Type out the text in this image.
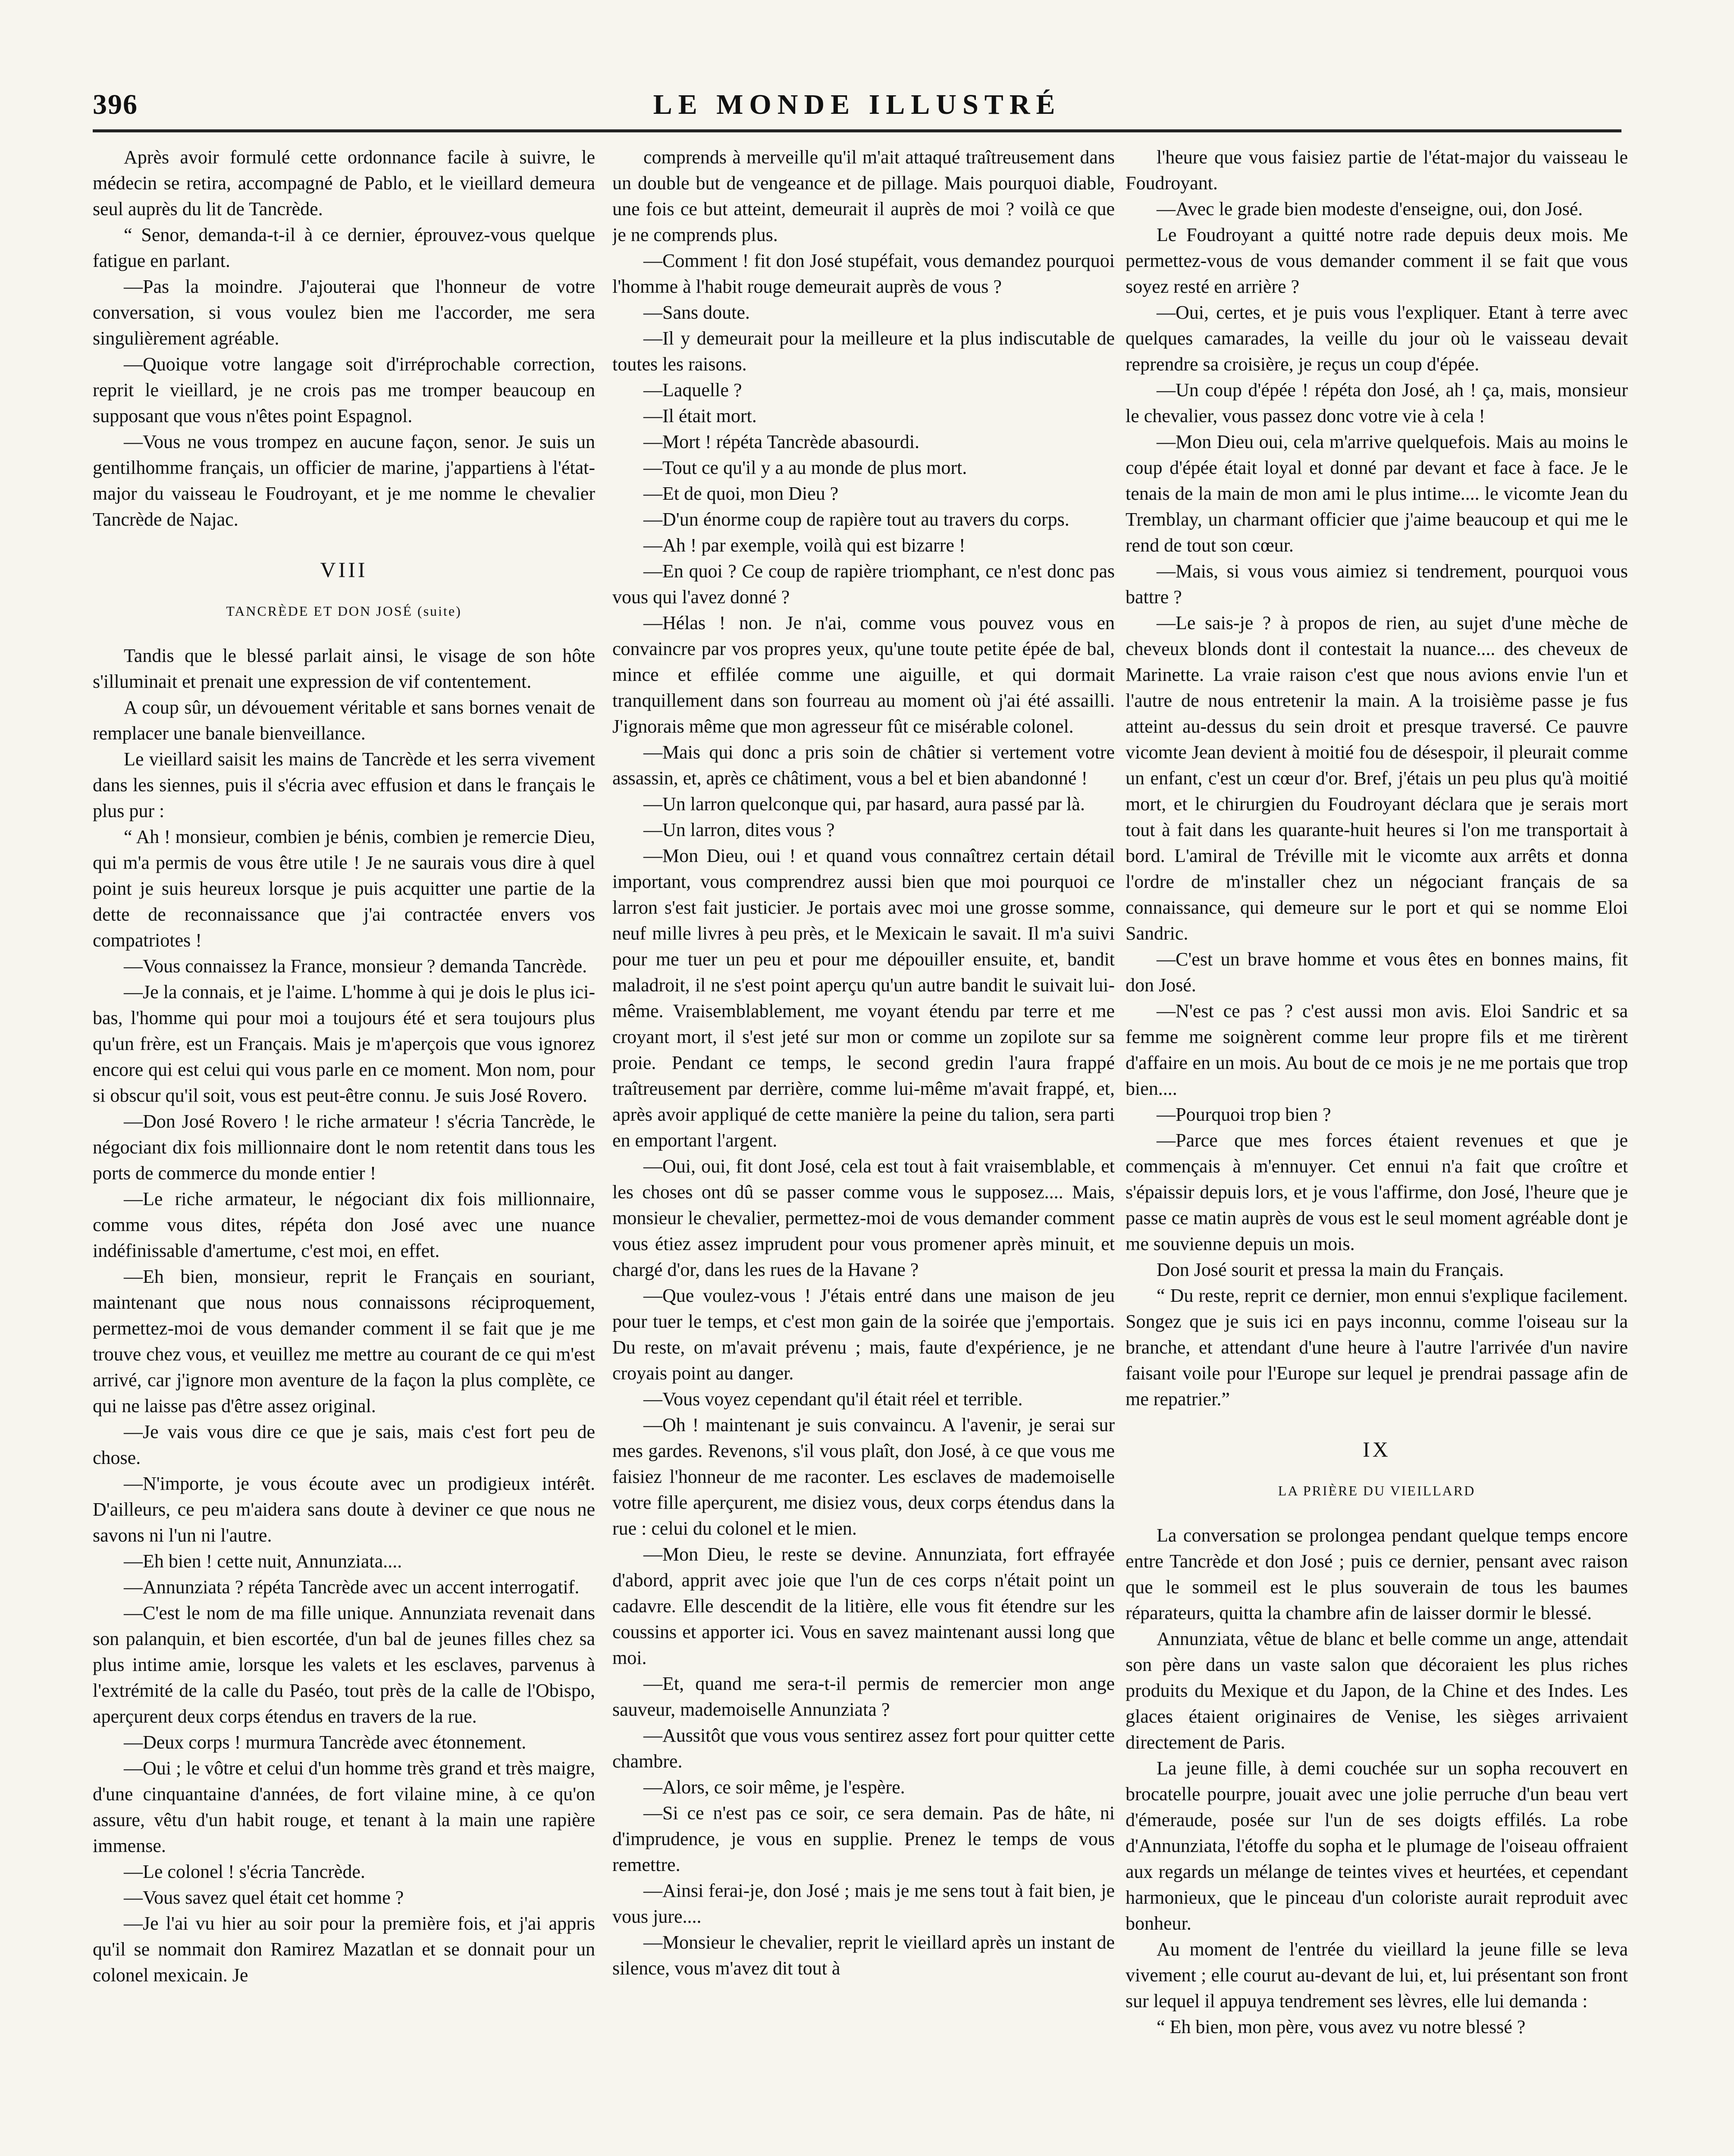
396	LE MONDE ILLUSTRÉ

Après avoir formulé cette ordonnance facile à suivre, le médecin se retira, accompagné de Pablo, et le vieillard demeura seul auprès du lit de Tancrède.

“ Senor, demanda-t-il à ce dernier, éprouvez-vous quelque fatigue en parlant.

—Pas la moindre. J'ajouterai que l'honneur de votre conversation, si vous voulez bien me l'accorder, me sera singulièrement agréable.

—Quoique votre langage soit d'irréprochable correction, reprit le vieillard, je ne crois pas me tromper beaucoup en supposant que vous n'êtes point Espagnol.

—Vous ne vous trompez en aucune façon, senor. Je suis un gentilhomme français, un officier de marine, j'appartiens à l'état-major du vaisseau le Foudroyant, et je me nomme le chevalier Tancrède de Najac.

VIII
TANCRÈDE ET DON JOSÉ (suite)

Tandis que le blessé parlait ainsi, le visage de son hôte s'illuminait et prenait une expression de vif contentement.

A coup sûr, un dévouement véritable et sans bornes venait de remplacer une banale bienveillance.

Le vieillard saisit les mains de Tancrède et les serra vivement dans les siennes, puis il s'écria avec effusion et dans le français le plus pur :

“ Ah ! monsieur, combien je bénis, combien je remercie Dieu, qui m'a permis de vous être utile ! Je ne saurais vous dire à quel point je suis heureux lorsque je puis acquitter une partie de la dette de reconnaissance que j'ai contractée envers vos compatriotes !

—Vous connaissez la France, monsieur ? demanda Tancrède.

—Je la connais, et je l'aime. L'homme à qui je dois le plus ici-bas, l'homme qui pour moi a toujours été et sera toujours plus qu'un frère, est un Français. Mais je m'aperçois que vous ignorez encore qui est celui qui vous parle en ce moment. Mon nom, pour si obscur qu'il soit, vous est peut-être connu. Je suis José Rovero.

—Don José Rovero ! le riche armateur ! s'écria Tancrède, le négociant dix fois millionnaire dont le nom retentit dans tous les ports de commerce du monde entier !

—Le riche armateur, le négociant dix fois millionnaire, comme vous dites, répéta don José avec une nuance indéfinissable d'amertume, c'est moi, en effet.

—Eh bien, monsieur, reprit le Français en souriant, maintenant que nous nous connaissons réciproquement, permettez-moi de vous demander comment il se fait que je me trouve chez vous, et veuillez me mettre au courant de ce qui m'est arrivé, car j'ignore mon aventure de la façon la plus complète, ce qui ne laisse pas d'être assez original.

—Je vais vous dire ce que je sais, mais c'est fort peu de chose.

—N'importe, je vous écoute avec un prodigieux intérêt. D'ailleurs, ce peu m'aidera sans doute à deviner ce que nous ne savons ni l'un ni l'autre.

—Eh bien ! cette nuit, Annunziata....

—Annunziata ? répéta Tancrède avec un accent interrogatif.

—C'est le nom de ma fille unique. Annunziata revenait dans son palanquin, et bien escortée, d'un bal de jeunes filles chez sa plus intime amie, lorsque les valets et les esclaves, parvenus à l'extrémité de la calle du Paséo, tout près de la calle de l'Obispo, aperçurent deux corps étendus en travers de la rue.

—Deux corps ! murmura Tancrède avec étonnement.

—Oui ; le vôtre et celui d'un homme très grand et très maigre, d'une cinquantaine d'années, de fort vilaine mine, à ce qu'on assure, vêtu d'un habit rouge, et tenant à la main une rapière immense.

—Le colonel ! s'écria Tancrède.

—Vous savez quel était cet homme ?

—Je l'ai vu hier au soir pour la première fois, et j'ai appris qu'il se nommait don Ramirez Mazatlan et se donnait pour un colonel mexicain. Je

comprends à merveille qu'il m'ait attaqué traîtreusement dans un double but de vengeance et de pillage. Mais pourquoi diable, une fois ce but atteint, demeurait il auprès de moi ? voilà ce que je ne comprends plus.

—Comment ! fit don José stupéfait, vous demandez pourquoi l'homme à l'habit rouge demeurait auprès de vous ?

—Sans doute.

—Il y demeurait pour la meilleure et la plus indiscutable de toutes les raisons.

—Laquelle ?

—Il était mort.

—Mort ! répéta Tancrède abasourdi.

—Tout ce qu'il y a au monde de plus mort.

—Et de quoi, mon Dieu ?

—D'un énorme coup de rapière tout au travers du corps.

—Ah ! par exemple, voilà qui est bizarre !

—En quoi ? Ce coup de rapière triomphant, ce n'est donc pas vous qui l'avez donné ?

—Hélas ! non. Je n'ai, comme vous pouvez vous en convaincre par vos propres yeux, qu'une toute petite épée de bal, mince et effilée comme une aiguille, et qui dormait tranquillement dans son fourreau au moment où j'ai été assailli. J'ignorais même que mon agresseur fût ce misérable colonel.

—Mais qui donc a pris soin de châtier si vertement votre assassin, et, après ce châtiment, vous a bel et bien abandonné !

—Un larron quelconque qui, par hasard, aura passé par là.

—Un larron, dites vous ?

—Mon Dieu, oui ! et quand vous connaîtrez certain détail important, vous comprendrez aussi bien que moi pourquoi ce larron s'est fait justicier. Je portais avec moi une grosse somme, neuf mille livres à peu près, et le Mexicain le savait. Il m'a suivi pour me tuer un peu et pour me dépouiller ensuite, et, bandit maladroit, il ne s'est point aperçu qu'un autre bandit le suivait lui-même. Vraisemblablement, me voyant étendu par terre et me croyant mort, il s'est jeté sur mon or comme un zopilote sur sa proie. Pendant ce temps, le second gredin l'aura frappé traîtreusement par derrière, comme lui-même m'avait frappé, et, après avoir appliqué de cette manière la peine du talion, sera parti en emportant l'argent.

—Oui, oui, fit dont José, cela est tout à fait vraisemblable, et les choses ont dû se passer comme vous le supposez.... Mais, monsieur le chevalier, permettez-moi de vous demander comment vous étiez assez imprudent pour vous promener après minuit, et chargé d'or, dans les rues de la Havane ?

—Que voulez-vous ! J'étais entré dans une maison de jeu pour tuer le temps, et c'est mon gain de la soirée que j'emportais. Du reste, on m'avait prévenu ; mais, faute d'expérience, je ne croyais point au danger.

—Vous voyez cependant qu'il était réel et terrible.

—Oh ! maintenant je suis convaincu. A l'avenir, je serai sur mes gardes. Revenons, s'il vous plaît, don José, à ce que vous me faisiez l'honneur de me raconter. Les esclaves de mademoiselle votre fille aperçurent, me disiez vous, deux corps étendus dans la rue : celui du colonel et le mien.

—Mon Dieu, le reste se devine. Annunziata, fort effrayée d'abord, apprit avec joie que l'un de ces corps n'était point un cadavre. Elle descendit de la litière, elle vous fit étendre sur les coussins et apporter ici. Vous en savez maintenant aussi long que moi.

—Et, quand me sera-t-il permis de remercier mon ange sauveur, mademoiselle Annunziata ?

—Aussitôt que vous vous sentirez assez fort pour quitter cette chambre.

—Alors, ce soir même, je l'espère.

—Si ce n'est pas ce soir, ce sera demain. Pas de hâte, ni d'imprudence, je vous en supplie. Prenez le temps de vous remettre.

—Ainsi ferai-je, don José ; mais je me sens tout à fait bien, je vous jure....

—Monsieur le chevalier, reprit le vieillard après un instant de silence, vous m'avez dit tout à

l'heure que vous faisiez partie de l'état-major du vaisseau le Foudroyant.

—Avec le grade bien modeste d'enseigne, oui, don José.

Le Foudroyant a quitté notre rade depuis deux mois. Me permettez-vous de vous demander comment il se fait que vous soyez resté en arrière ?

—Oui, certes, et je puis vous l'expliquer. Etant à terre avec quelques camarades, la veille du jour où le vaisseau devait reprendre sa croisière, je reçus un coup d'épée.

—Un coup d'épée ! répéta don José, ah ! ça, mais, monsieur le chevalier, vous passez donc votre vie à cela !

—Mon Dieu oui, cela m'arrive quelquefois. Mais au moins le coup d'épée était loyal et donné par devant et face à face. Je le tenais de la main de mon ami le plus intime.... le vicomte Jean du Tremblay, un charmant officier que j'aime beaucoup et qui me le rend de tout son cœur.

—Mais, si vous vous aimiez si tendrement, pourquoi vous battre ?

—Le sais-je ? à propos de rien, au sujet d'une mèche de cheveux blonds dont il contestait la nuance.... des cheveux de Marinette. La vraie raison c'est que nous avions envie l'un et l'autre de nous entretenir la main. A la troisième passe je fus atteint au-dessus du sein droit et presque traversé. Ce pauvre vicomte Jean devient à moitié fou de désespoir, il pleurait comme un enfant, c'est un cœur d'or. Bref, j'étais un peu plus qu'à moitié mort, et le chirurgien du Foudroyant déclara que je serais mort tout à fait dans les quarante-huit heures si l'on me transportait à bord. L'amiral de Tréville mit le vicomte aux arrêts et donna l'ordre de m'installer chez un négociant français de sa connaissance, qui demeure sur le port et qui se nomme Eloi Sandric.

—C'est un brave homme et vous êtes en bonnes mains, fit don José.

—N'est ce pas ? c'est aussi mon avis. Eloi Sandric et sa femme me soignèrent comme leur propre fils et me tirèrent d'affaire en un mois. Au bout de ce mois je ne me portais que trop bien....

—Pourquoi trop bien ?

—Parce que mes forces étaient revenues et que je commençais à m'ennuyer. Cet ennui n'a fait que croître et s'épaissir depuis lors, et je vous l'affirme, don José, l'heure que je passe ce matin auprès de vous est le seul moment agréable dont je me souvienne depuis un mois.

Don José sourit et pressa la main du Français.

“ Du reste, reprit ce dernier, mon ennui s'explique facilement. Songez que je suis ici en pays inconnu, comme l'oiseau sur la branche, et attendant d'une heure à l'autre l'arrivée d'un navire faisant voile pour l'Europe sur lequel je prendrai passage afin de me repatrier.”

IX
LA PRIÈRE DU VIEILLARD

La conversation se prolongea pendant quelque temps encore entre Tancrède et don José ; puis ce dernier, pensant avec raison que le sommeil est le plus souverain de tous les baumes réparateurs, quitta la chambre afin de laisser dormir le blessé.

Annunziata, vêtue de blanc et belle comme un ange, attendait son père dans un vaste salon que décoraient les plus riches produits du Mexique et du Japon, de la Chine et des Indes. Les glaces étaient originaires de Venise, les sièges arrivaient directement de Paris.

La jeune fille, à demi couchée sur un sopha recouvert en brocatelle pourpre, jouait avec une jolie perruche d'un beau vert d'émeraude, posée sur l'un de ses doigts effilés. La robe d'Annunziata, l'étoffe du sopha et le plumage de l'oiseau offraient aux regards un mélange de teintes vives et heurtées, et cependant harmonieux, que le pinceau d'un coloriste aurait reproduit avec bonheur.

Au moment de l'entrée du vieillard la jeune fille se leva vivement ; elle courut au-devant de lui, et, lui présentant son front sur lequel il appuya tendrement ses lèvres, elle lui demanda :

“ Eh bien, mon père, vous avez vu notre blessé ?
